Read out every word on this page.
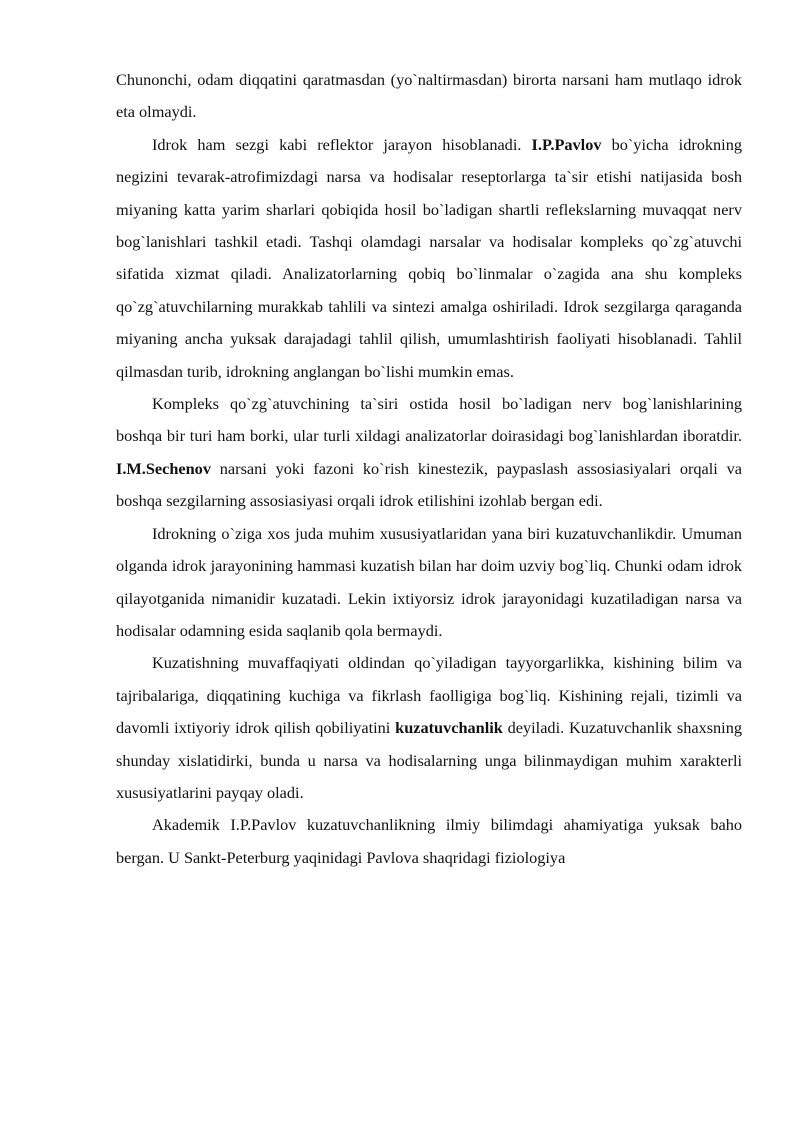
Chunonchi, odam diqqatini qaratmasdan (yo`naltirmasdan) birorta narsani ham mutlaqo idrok eta olmaydi.

Idrok ham sezgi kabi reflektor jarayon hisoblanadi. I.P.Pavlov bo`yicha idrokning negizini tevarak-atrofimizdagi narsa va hodisalar reseptorlarga ta`sir etishi natijasida bosh miyaning katta yarim sharlari qobiqida hosil bo`ladigan shartli reflekslarning muvaqqat nerv bog`lanishlari tashkil etadi. Tashqi olamdagi narsalar va hodisalar kompleks qo`zg`atuvchi sifatida xizmat qiladi. Analizatorlarning qobiq bo`linmalar o`zagida ana shu kompleks qo`zg`atuvchilarning murakkab tahlili va sintezi amalga oshiriladi. Idrok sezgilarga qaraganda miyaning ancha yuksak darajadagi tahlil qilish, umumlashtirish faoliyati hisoblanadi. Tahlil qilmasdan turib, idrokning anglangan bo`lishi mumkin emas.

Kompleks qo`zg`atuvchining ta`siri ostida hosil bo`ladigan nerv bog`lanishlarining boshqa bir turi ham borki, ular turli xildagi analizatorlar doirasidagi bog`lanishlardan iboratdir. I.M.Sechenov narsani yoki fazoni ko`rish kinestezik, paypaslash assosiasiyalari orqali va boshqa sezgilarning assosiasiyasi orqali idrok etilishini izohlab bergan edi.

Idrokning o`ziga xos juda muhim xususiyatlaridan yana biri kuzatuvchanlikdir. Umuman olganda idrok jarayonining hammasi kuzatish bilan har doim uzviy bog`liq. Chunki odam idrok qilayotganida nimanidir kuzatadi. Lekin ixtiyorsiz idrok jarayonidagi kuzatiladigan narsa va hodisalar odamning esida saqlanib qola bermaydi.

Kuzatishning muvaffaqiyati oldindan qo`yiladigan tayyorgarlikka, kishining bilim va tajribalariga, diqqatining kuchiga va fikrlash faolligiga bog`liq. Kishining rejali, tizimli va davomli ixtiyoriy idrok qilish qobiliyatini kuzatuvchanlik deyiladi. Kuzatuvchanlik shaxsning shunday xislatidirki, bunda u narsa va hodisalarning unga bilinmaydigan muhim xarakterli xususiyatlarini payqay oladi.

Akademik I.P.Pavlov kuzatuvchanlikning ilmiy bilimdagi ahamiyatiga yuksak baho bergan. U Sankt-Peterburg yaqinidagi Pavlova shaqridagi fiziologiya
